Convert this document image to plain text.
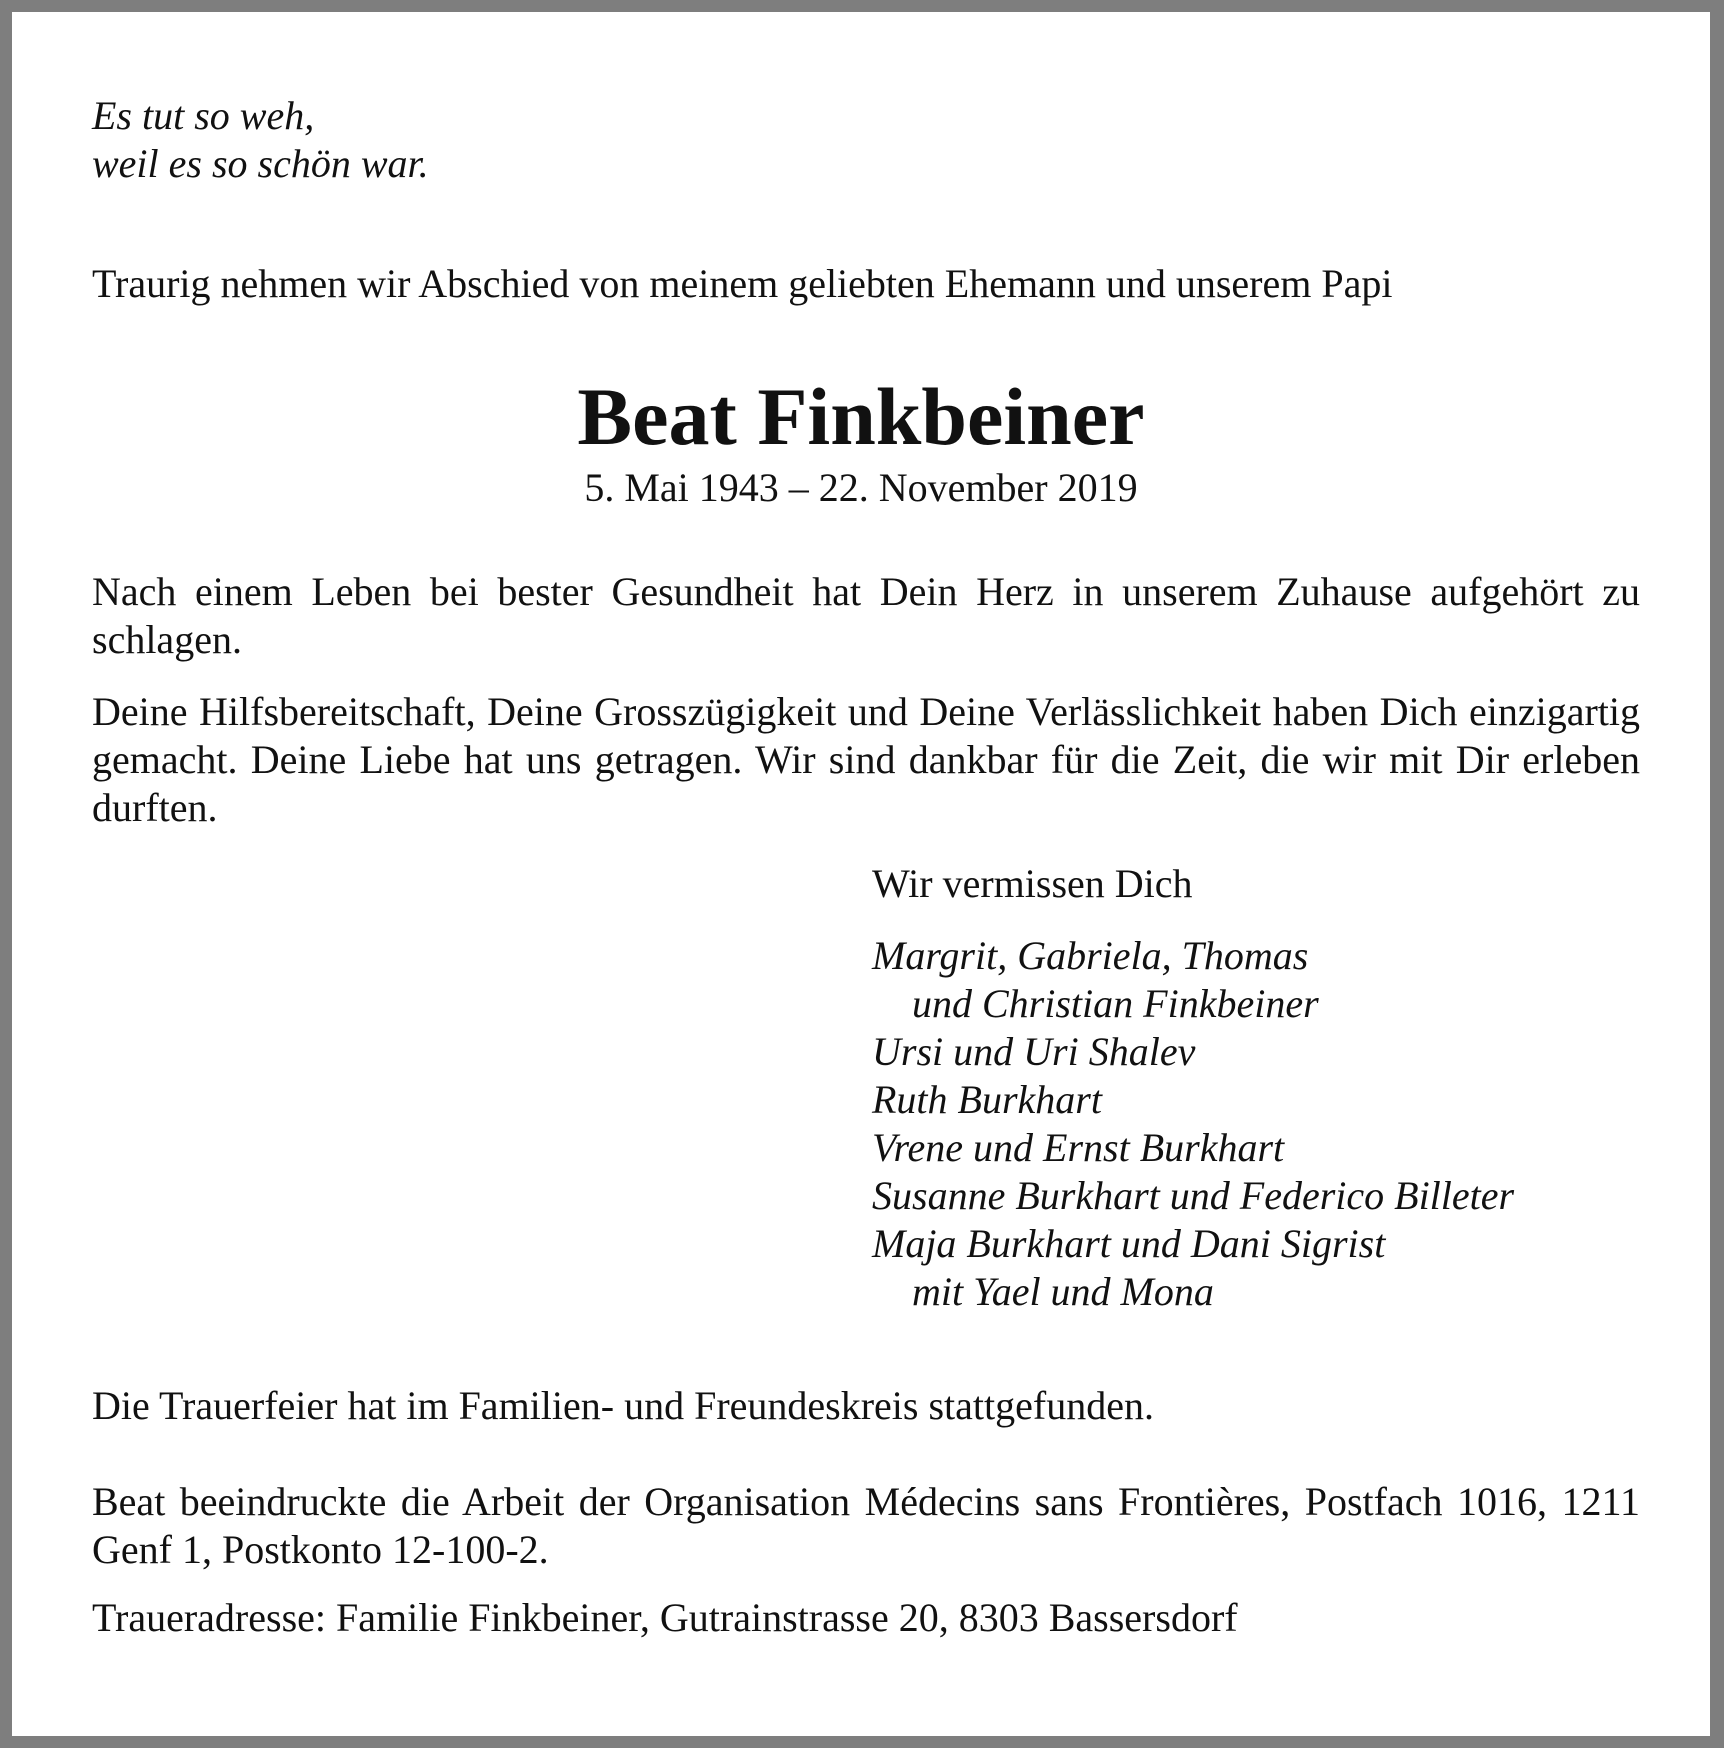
Es tut so weh,
weil es so schön war.

Traurig nehmen wir Abschied von meinem geliebten Ehemann und unserem Papi

Beat Finkbeiner

5. Mai 1943 – 22. November 2019

Nach einem Leben bei bester Gesundheit hat Dein Herz in unserem Zuhause aufgehört zu schlagen.

Deine Hilfsbereitschaft, Deine Grosszügigkeit und Deine Verlässlichkeit haben Dich einzigartig gemacht. Deine Liebe hat uns getragen. Wir sind dankbar für die Zeit, die wir mit Dir erleben durften.

Wir vermissen Dich

Margrit, Gabriela, Thomas
und Christian Finkbeiner
Ursi und Uri Shalev
Ruth Burkhart
Vrene und Ernst Burkhart
Susanne Burkhart und Federico Billeter
Maja Burkhart und Dani Sigrist
mit Yael und Mona

Die Trauerfeier hat im Familien- und Freundeskreis stattgefunden.

Beat beeindruckte die Arbeit der Organisation Médecins sans Frontières, Postfach 1016, 1211 Genf 1, Postkonto 12-100-2.

Traueradresse: Familie Finkbeiner, Gutrainstrasse 20, 8303 Bassersdorf
